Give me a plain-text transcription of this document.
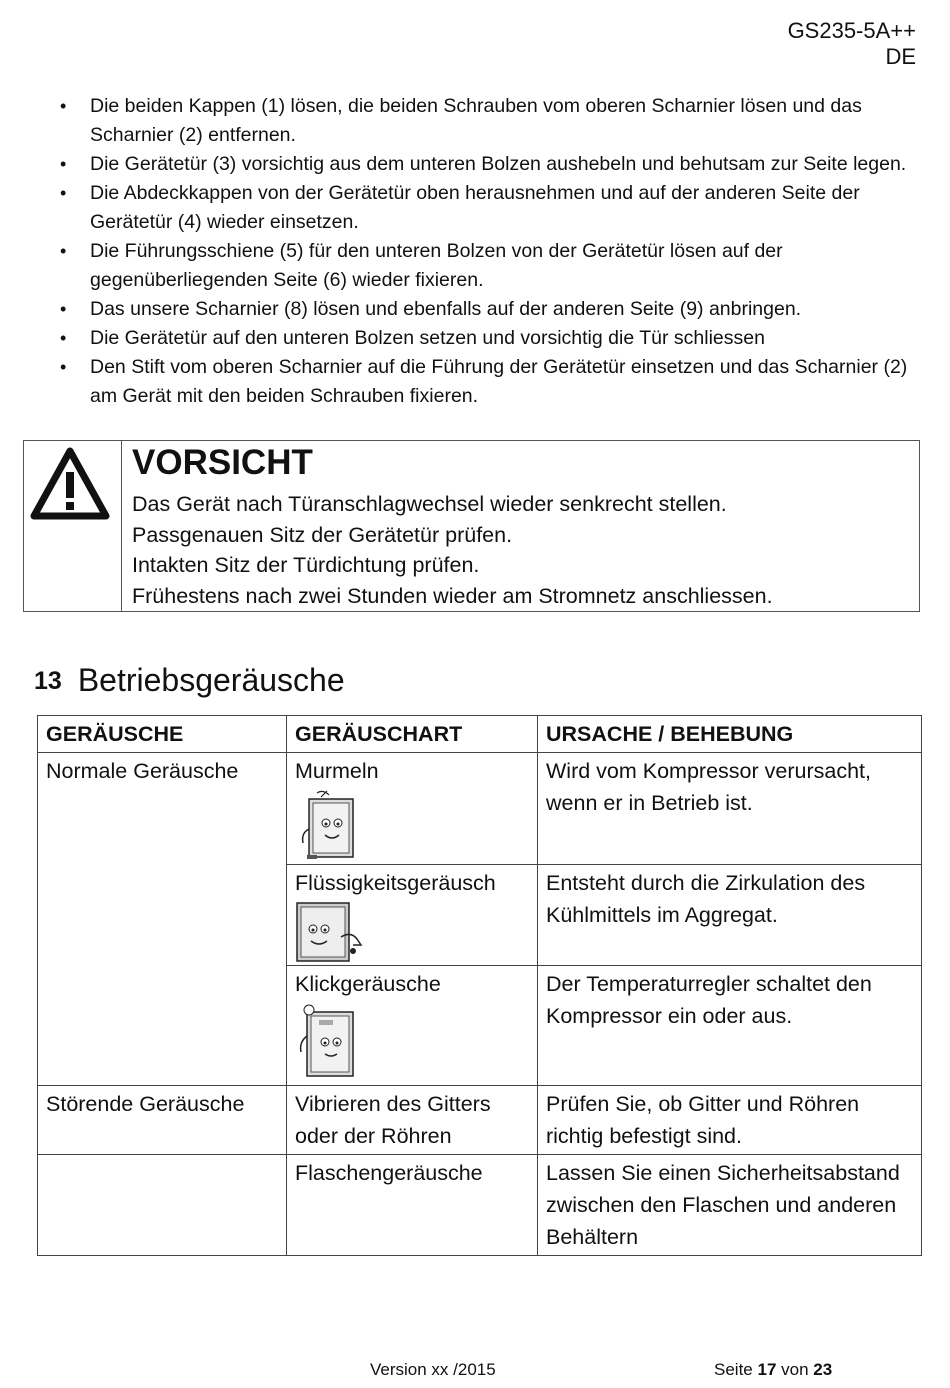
GS235-5A++
DE
• Die beiden Kappen (1) lösen, die beiden Schrauben vom oberen Scharnier lösen und das Scharnier (2) entfernen.
• Die Gerätetür (3) vorsichtig aus dem unteren Bolzen aushebeln und behutsam zur Seite legen.
• Die Abdeckkappen von der Gerätetür oben herausnehmen und auf der anderen Seite der Gerätetür (4) wieder einsetzen.
• Die Führungsschiene (5) für den unteren Bolzen von der Gerätetür lösen auf der gegenüberliegenden Seite (6) wieder fixieren.
• Das unsere Scharnier (8) lösen und ebenfalls auf der anderen Seite (9) anbringen.
• Die Gerätetür auf den unteren Bolzen setzen und vorsichtig die Tür schliessen
• Den Stift vom oberen Scharnier auf die Führung der Gerätetür einsetzen und das Scharnier (2) am Gerät mit den beiden Schrauben fixieren.
VORSICHT
Das Gerät nach Türanschlagwechsel wieder senkrecht stellen.
Passgenauen Sitz der Gerätetür prüfen.
Intakten Sitz der Türdichtung prüfen.
Frühestens nach zwei Stunden wieder am Stromnetz anschliessen.
13 Betriebsgeräusche
GERÄUSCHE	GERÄUSCHART	URSACHE / BEHEBUNG
Normale Geräusche	Murmeln	Wird vom Kompressor verursacht, wenn er in Betrieb ist.

	Flüssigkeitsgeräusch	Entsteht durch die Zirkulation des Kühlmittels im Aggregat.

	Klickgeräusche	Der Temperaturregler schaltet den Kompressor ein oder aus.
Störende Geräusche	Vibrieren des Gitters oder der Röhren	Prüfen Sie, ob Gitter und Röhren richtig befestigt sind.
	Flaschengeräusche	Lassen Sie einen Sicherheitsabstand zwischen den Flaschen und anderen Behältern
Version xx /2015	Seite 17 von 23
